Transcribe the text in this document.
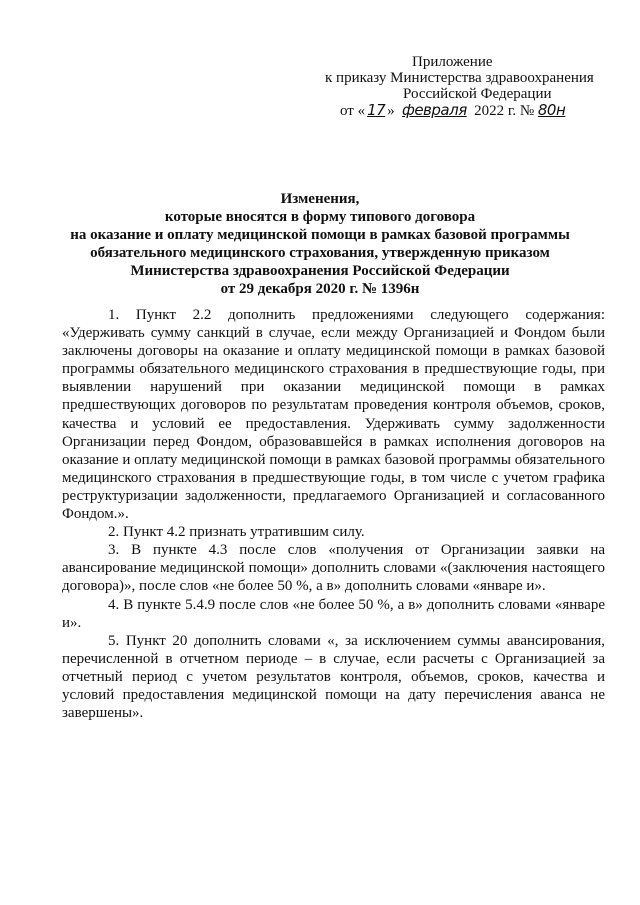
Приложение
к приказу Министерства здравоохранения
Российской Федерации
от « 17 » февраля 2022 г. № 80н
Изменения,
которые вносятся в форму типового договора
на оказание и оплату медицинской помощи в рамках базовой программы
обязательного медицинского страхования, утвержденную приказом
Министерства здравоохранения Российской Федерации
от 29 декабря 2020 г. № 1396н

1. Пункт 2.2 дополнить предложениями следующего содержания: «Удерживать сумму санкций в случае, если между Организацией и Фондом были заключены договоры на оказание и оплату медицинской помощи в рамках базовой программы обязательного медицинского страхования в предшествующие годы, при выявлении нарушений при оказании медицинской помощи в рамках предшествующих договоров по результатам проведения контроля объемов, сроков, качества и условий ее предоставления. Удерживать сумму задолженности Организации перед Фондом, образовавшейся в рамках исполнения договоров на оказание и оплату медицинской помощи в рамках базовой программы обязательного медицинского страхования в предшествующие годы, в том числе с учетом графика реструктуризации задолженности, предлагаемого Организацией и согласованного Фондом.».

2. Пункт 4.2 признать утратившим силу.

3. В пункте 4.3 после слов «получения от Организации заявки на авансирование медицинской помощи» дополнить словами «(заключения настоящего договора)», после слов «не более 50 %, а в» дополнить словами «январе и».

4. В пункте 5.4.9 после слов «не более 50 %, а в» дополнить словами «январе и».

5. Пункт 20 дополнить словами «, за исключением суммы авансирования, перечисленной в отчетном периоде – в случае, если расчеты с Организацией за отчетный период с учетом результатов контроля, объемов, сроков, качества и условий предоставления медицинской помощи на дату перечисления аванса не завершены».
